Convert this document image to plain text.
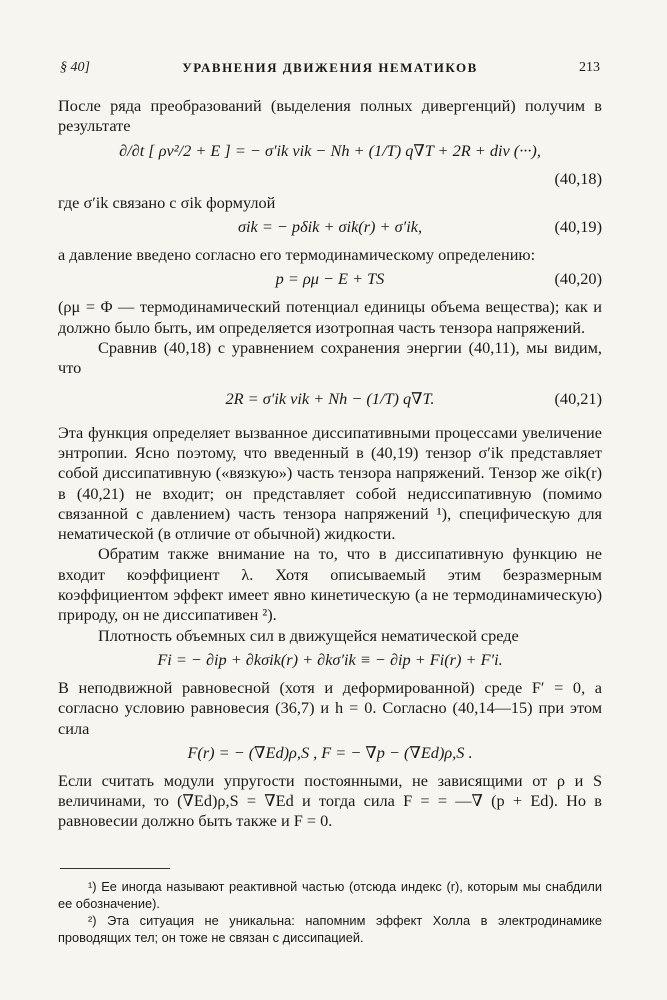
§ 40]	УРАВНЕНИЯ ДВИЖЕНИЯ НЕМАТИКОВ	213

После ряда преобразований (выделения полных дивергенций) получим в результате

∂/∂t [ ρv²/2 + E ] = − σ′ik vik − Nh + (1/T) q∇T + 2R + div (···),
(40,18)

где σ′ik связано с σik формулой

σik = − pδik + σik(r) + σ′ik,	(40,19)

а давление введено согласно его термодинамическому определению:

p = ρμ − E + TS	(40,20)

(ρμ = Φ — термодинамический потенциал единицы объема вещества); как и должно было быть, им определяется изотропная часть тензора напряжений.

Сравнив (40,18) с уравнением сохранения энергии (40,11), мы видим, что

2R = σ′ik vik + Nh − (1/T) q∇T.	(40,21)

Эта функция определяет вызванное диссипативными процессами увеличение энтропии. Ясно поэтому, что введенный в (40,19) тензор σ′ik представляет собой диссипативную («вязкую») часть тензора напряжений. Тензор же σik(r) в (40,21) не входит; он представляет собой недиссипативную (помимо связанной с давлением) часть тензора напряжений ¹), специфическую для нематической (в отличие от обычной) жидкости.

Обратим также внимание на то, что в диссипативную функцию не входит коэффициент λ. Хотя описываемый этим безразмерным коэффициентом эффект имеет явно кинетическую (а не термодинамическую) природу, он не диссипативен ²).

Плотность объемных сил в движущейся нематической среде

Fi = − ∂ip + ∂kσik(r) + ∂kσ′ik ≡ − ∂ip + Fi(r) + F′i.

В неподвижной равновесной (хотя и деформированной) среде F′ = 0, а согласно условию равновесия (36,7) и h = 0. Согласно (40,14—15) при этом сила

F(r) = − (∇Ed)ρ,S , F = − ∇p − (∇Ed)ρ,S .

Если считать модули упругости постоянными, не зависящими от ρ и S величинами, то (∇Ed)ρ,S = ∇Ed и тогда сила F = = —∇ (p + Ed). Но в равновесии должно быть также и F = 0.

¹) Ее иногда называют реактивной частью (отсюда индекс (r), которым мы снабдили ее обозначение).

²) Эта ситуация не уникальна: напомним эффект Холла в электродинамике проводящих тел; он тоже не связан с диссипацией.
